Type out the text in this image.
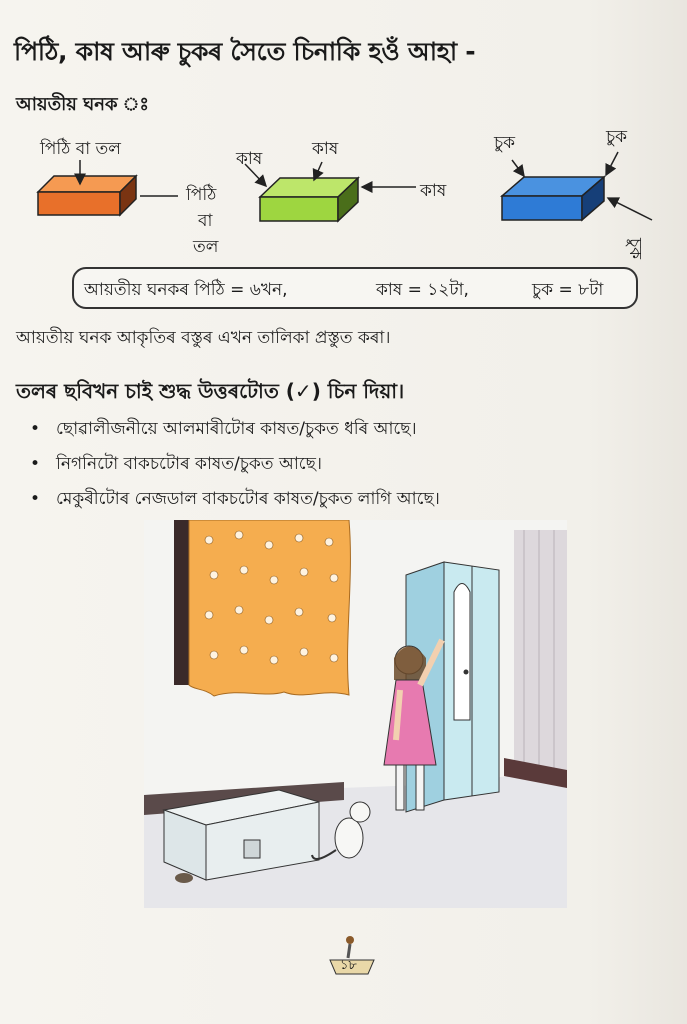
পিঠি, কাষ আৰু চুকৰ সৈতে চিনাকি হওঁ আহা -
আয়তীয় ঘনক ঃ
পিঠি বা তল
পিঠি
বা
তল
কাষ	কাষ
কাষ
চুক	চুক
চুক
আয়তীয় ঘনকৰ পিঠি = ৬খন,	কাষ = ১২টা,	চুক = ৮টা
আয়তীয় ঘনক আকৃতিৰ বস্তুৰ এখন তালিকা প্ৰস্তুত কৰা।
তলৰ ছবিখন চাই শুদ্ধ উত্তৰটোত (✓) চিন দিয়া।
• ছোৱালীজনীয়ে আলমাৰীটোৰ কাষত/চুকত ধৰি আছে।
• নিগনিটো বাকচটোৰ কাষত/চুকত আছে।
• মেকুৰীটোৰ নেজডাল বাকচটোৰ কাষত/চুকত লাগি আছে।
১৮
